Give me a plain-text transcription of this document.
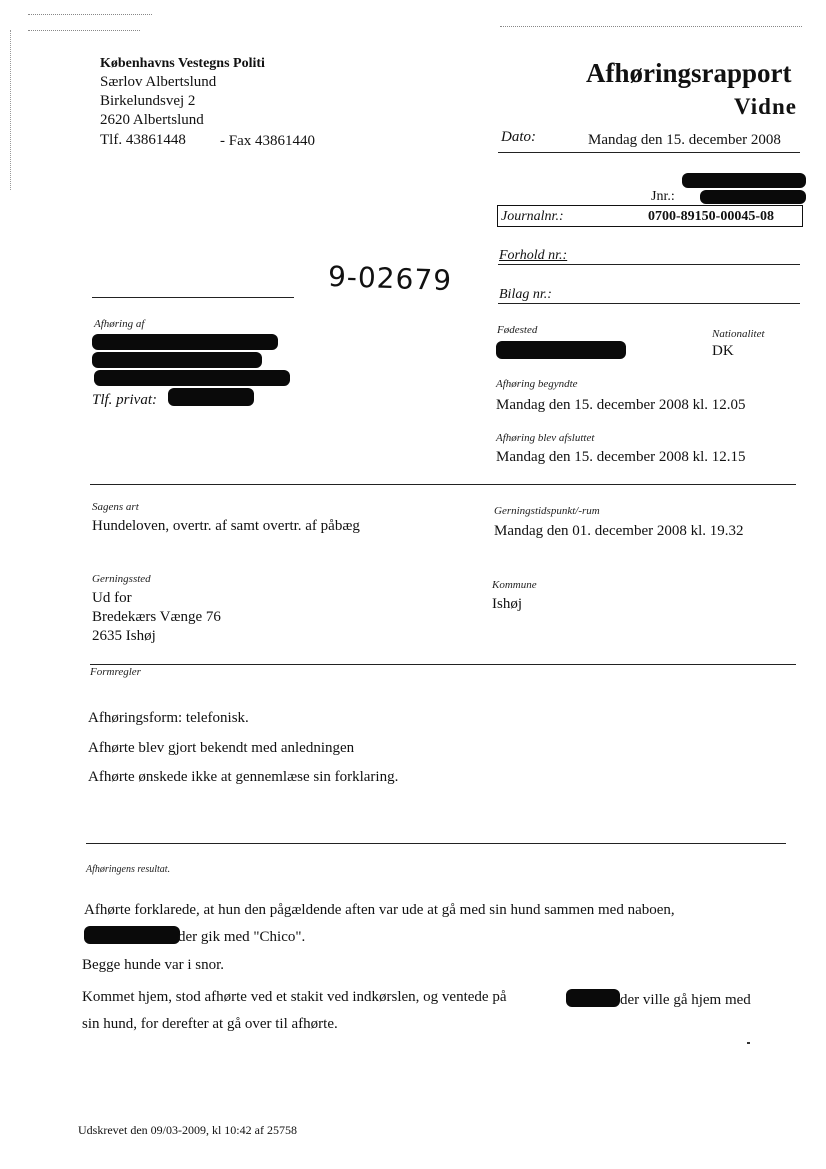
Københavns Vestegns Politi
Særlov Albertslund
Birkelundsvej 2
2620 Albertslund
Tlf. 43861448 - Fax 43861440
Afhøringsrapport
Vidne
Dato:	Mandag den 15. december 2008
Jnr.:
Journalnr.:	0700-89150-00045-08
Forhold nr.:
Bilag nr.:
9-02679
Afhøring af
Tlf. privat:
Fødested	Nationalitet
DK
Afhøring begyndte
Mandag den 15. december 2008 kl. 12.05
Afhøring blev afsluttet
Mandag den 15. december 2008 kl. 12.15
Sagens art
Hundeloven, overtr. af samt overtr. af påbæg
Gerningstidspunkt/-rum
Mandag den 01. december 2008 kl. 19.32
Gerningssted
Ud for
Bredekærs Vænge 76
2635 Ishøj
Kommune
Ishøj
Formregler
Afhøringsform: telefonisk.
Afhørte blev gjort bekendt med anledningen
Afhørte ønskede ikke at gennemlæse sin forklaring.
Afhøringens resultat.
Afhørte forklarede, at hun den pågældende aften var ude at gå med sin hund sammen med naboen,
der gik med "Chico".
Begge hunde var i snor.
Kommet hjem, stod afhørte ved et stakit ved indkørslen, og ventede på	der ville gå hjem med
sin hund, for derefter at gå over til afhørte.
Udskrevet den 09/03-2009, kl 10:42 af 25758
